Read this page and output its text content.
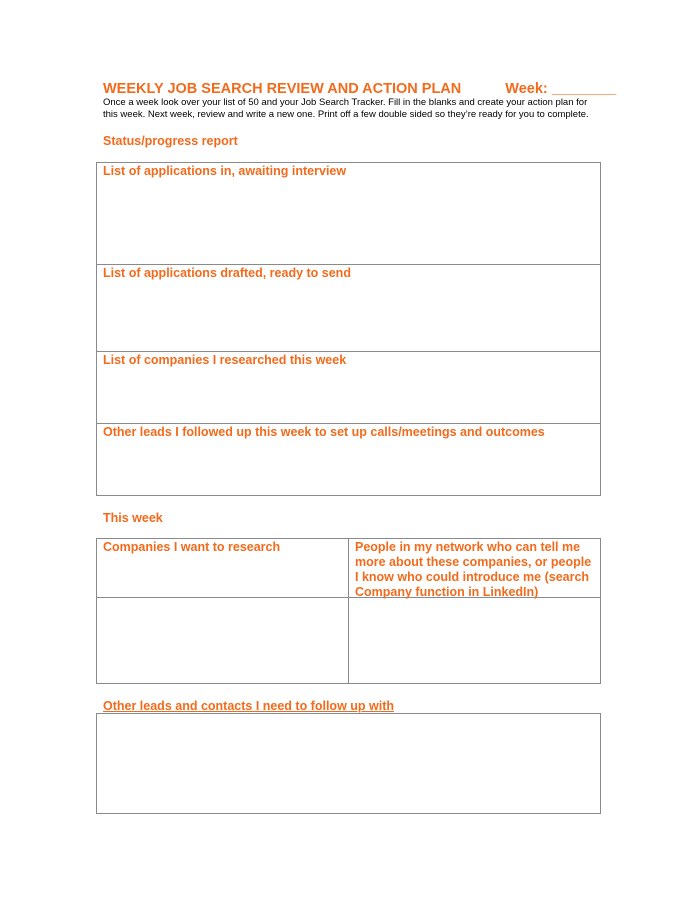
WEEKLY JOB SEARCH REVIEW AND ACTION PLAN	Week: ________
Once a week look over your list of 50 and your Job Search Tracker. Fill in the blanks and create your action plan for this week. Next week, review and write a new one. Print off a few double sided so they’re ready for you to complete.
Status/progress report
List of applications in, awaiting interview
List of applications drafted, ready to send
List of companies I researched this week
Other leads I followed up this week to set up calls/meetings and outcomes
This week
Companies I want to research	People in my network who can tell me more about these companies, or people I know who could introduce me (search Company function in LinkedIn)
Other leads and contacts I need to follow up with
